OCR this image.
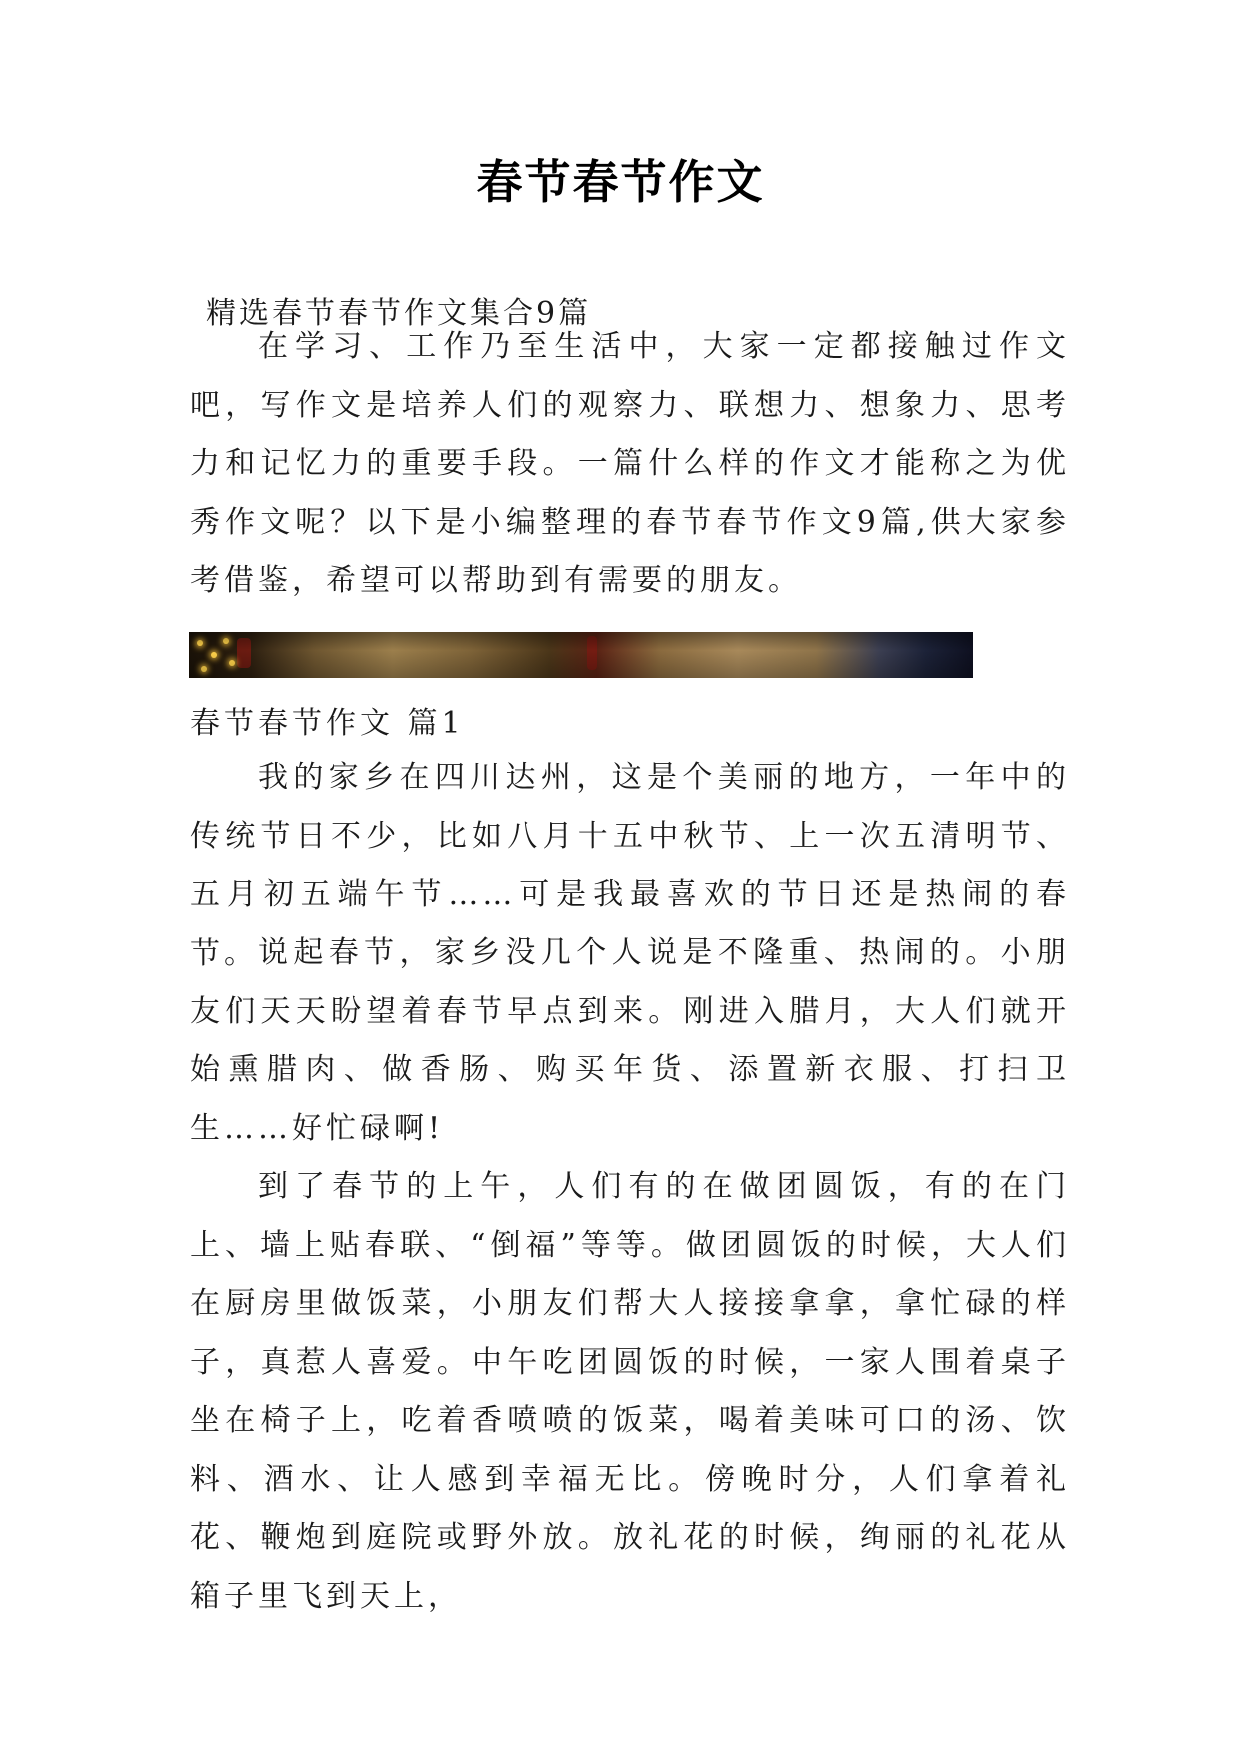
春节春节作文
精选春节春节作文集合9篇

在学习、工作乃至生活中，大家一定都接触过作文吧，写作文是培养人们的观察力、联想力、想象力、思考力和记忆力的重要手段。一篇什么样的作文才能称之为优秀作文呢？以下是小编整理的春节春节作文9篇,供大家参考借鉴，希望可以帮助到有需要的朋友。

春节春节作文 篇1

我的家乡在四川达州，这是个美丽的地方，一年中的传统节日不少，比如八月十五中秋节、上一次五清明节、五月初五端午节……可是我最喜欢的节日还是热闹的春节。 说起春节，家乡没几个人说是不隆重、热闹的。小朋友们天天盼望着春节早点到来。刚进入腊月，大人们就开始熏腊肉、做香肠、购买年货、添置新衣服、打扫卫生……好忙碌啊!

到了春节的上午，人们有的在做团圆饭，有的在门上、墙上贴春联、“倒福”等等。做团圆饭的时候，大人们在厨房里做饭菜，小朋友们帮大人接接拿拿，拿忙碌的样子，真惹人喜爱。中午吃团圆饭的时候，一家人围着桌子坐在椅子上，吃着香喷喷的饭菜，喝着美味可口的汤、饮料、酒水、让人感到幸福无比。傍晚时分，人们拿着礼花、鞭炮到庭院或野外放。放礼花的时候，绚丽的礼花从箱子里飞到天上，
